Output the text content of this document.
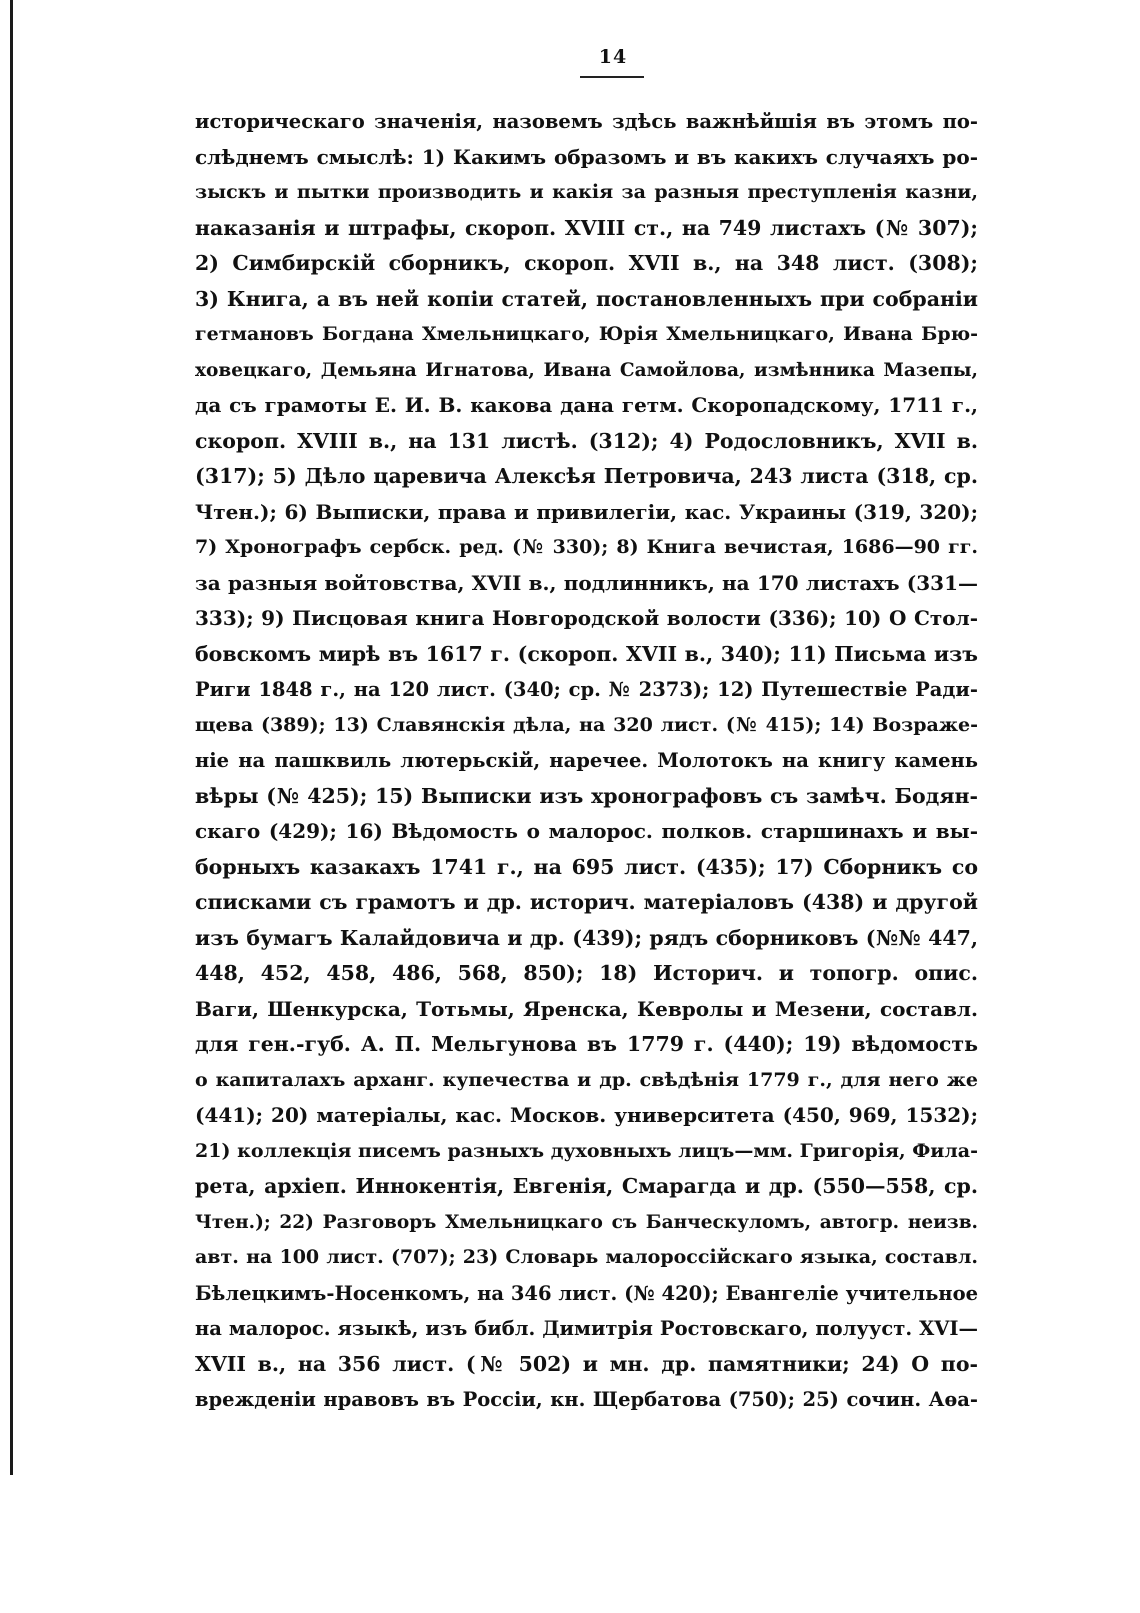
14
историческаго значенія, назовемъ здѣсь важнѣйшія въ этомъ по-
слѣднемъ смыслѣ: 1) Какимъ образомъ и въ какихъ случаяхъ ро-
зыскъ и пытки производить и какія за разныя преступленія казни,
наказанія и штрафы, скороп. XVIII ст., на 749 листахъ (№ 307);
2) Симбирскій сборникъ, скороп. XVII в., на 348 лист. (308);
3) Книга, а въ ней копіи статей, постановленныхъ при собраніи
гетмановъ Богдана Хмельницкаго, Юрія Хмельницкаго, Ивана Брю-
ховецкаго, Демьяна Игнатова, Ивана Самойлова, измѣнника Мазепы,
да съ грамоты Е. И. В. какова дана гетм. Скоропадскому, 1711 г.,
скороп. XVIII в., на 131 листѣ. (312); 4) Родословникъ, XVII в.
(317); 5) Дѣло царевича Алексѣя Петровича, 243 листа (318, ср.
Чтен.); 6) Выписки, права и привилегіи, кас. Украины (319, 320);
7) Хронографъ сербск. ред. (№ 330); 8) Книга вечистая, 1686—90 гг.
за разныя войтовства, XVII в., подлинникъ, на 170 листахъ (331—
333); 9) Писцовая книга Новгородской волости (336); 10) О Стол-
бовскомъ мирѣ въ 1617 г. (скороп. XVII в., 340); 11) Письма изъ
Риги 1848 г., на 120 лист. (340; ср. № 2373); 12) Путешествіе Ради-
щева (389); 13) Славянскія дѣла, на 320 лист. (№ 415); 14) Возраже-
ніе на пашквиль лютерьскій, наречее. Молотокъ на книгу камень
вѣры (№ 425); 15) Выписки изъ хронографовъ съ замѣч. Бодян-
скаго (429); 16) Вѣдомость о малорос. полков. старшинахъ и вы-
борныхъ казакахъ 1741 г., на 695 лист. (435); 17) Сборникъ со
списками съ грамотъ и др. историч. матеріаловъ (438) и другой
изъ бумагъ Калайдовича и др. (439); рядъ сборниковъ (№№ 447,
448, 452, 458, 486, 568, 850); 18) Историч. и топогр. опис.
Ваги, Шенкурска, Тотьмы, Яренска, Кевролы и Мезени, составл.
для ген.-губ. А. П. Мельгунова въ 1779 г. (440); 19) вѣдомость
о капиталахъ арханг. купечества и др. свѣдѣнія 1779 г., для него же
(441); 20) матеріалы, кас. Москов. университета (450, 969, 1532);
21) коллекція писемъ разныхъ духовныхъ лицъ—мм. Григорія, Фила-
рета, архіеп. Иннокентія, Евгенія, Смарагда и др. (550—558, ср.
Чтен.); 22) Разговоръ Хмельницкаго съ Банческуломъ, автогр. неизв.
авт. на 100 лист. (707); 23) Словарь малороссійскаго языка, составл.
Бѣлецкимъ-Носенкомъ, на 346 лист. (№ 420); Евангеліе учительное
на малорос. языкѣ, изъ библ. Димитрія Ростовскаго, полууст. XVI—
XVII в., на 356 лист. (№ 502) и мн. др. памятники; 24) О по-
врежденіи нравовъ въ Россіи, кн. Щербатова (750); 25) сочин. Аѳа-
